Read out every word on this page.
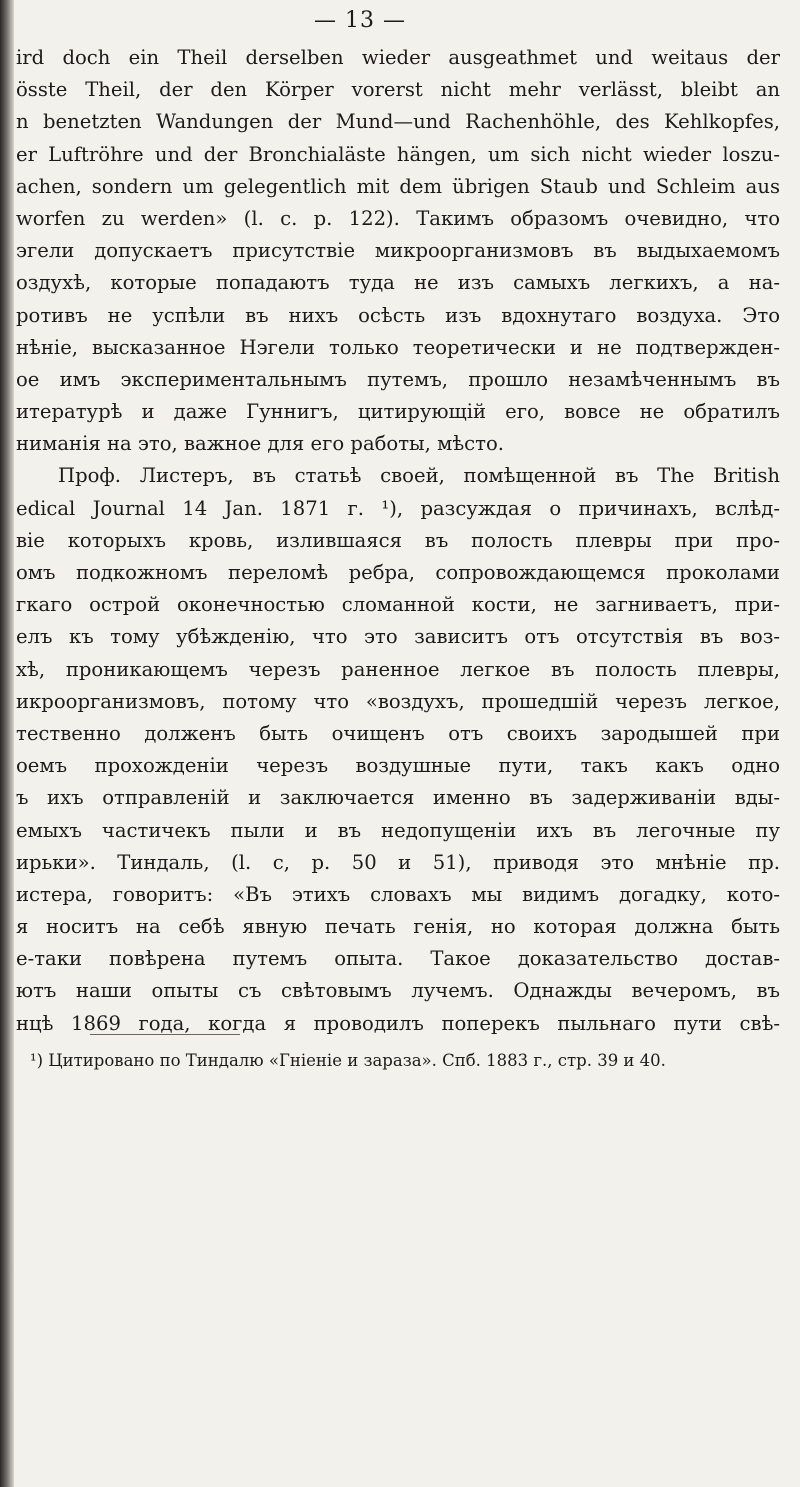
— 13 —
ird doch ein Theil derselben wieder ausgeathmet und weitaus der
össte Theil, der den Körper vorerst nicht mehr verlässt, bleibt an
n benetzten Wandungen der Mund—und Rachenhöhle, des Kehlkopfes,
er Luftröhre und der Bronchialäste hängen, um sich nicht wieder loszu-
achen, sondern um gelegentlich mit dem übrigen Staub und Schleim aus
worfen zu werden» (l. c. p. 122). Такимъ образомъ очевидно, что
эгели допускаетъ присутствіе микроорганизмовъ въ выдыхаемомъ
оздухѣ, которые попадаютъ туда не изъ самыхъ легкихъ, а на-
ротивъ не успѣли въ нихъ осѣсть изъ вдохнутаго воздуха. Это
нѣніе, высказанное Нэгели только теоретически и не подтвержден-
ое имъ экспериментальнымъ путемъ, прошло незамѣченнымъ въ
итературѣ и даже Гуннигъ, цитирующій его, вовсе не обратилъ
ниманія на это, важное для его работы, мѣсто.
Проф. Листеръ, въ статьѣ своей, помѣщенной въ The British
edical Journal 14 Jan. 1871 г. ¹), разсуждая о причинахъ, вслѣд-
віе которыхъ кровь, излившаяся въ полость плевры при про-
омъ подкожномъ переломѣ ребра, сопровождающемся проколами
гкаго острой оконечностью сломанной кости, не загниваетъ, при-
елъ къ тому убѣжденію, что это зависитъ отъ отсутствія въ воз-
хѣ, проникающемъ черезъ раненное легкое въ полость плевры,
икроорганизмовъ, потому что «воздухъ, прошедшій черезъ легкое,
тественно долженъ быть очищенъ отъ своихъ зародышей при
оемъ прохожденіи черезъ воздушные пути, такъ какъ одно
ъ ихъ отправленій и заключается именно въ задерживаніи вды-
емыхъ частичекъ пыли и въ недопущеніи ихъ въ легочные пу
ирьки». Тиндаль, (l. c, p. 50 и 51), приводя это мнѣніе пр.
истера, говоритъ: «Въ этихъ словахъ мы видимъ догадку, кото-
я носитъ на себѣ явную печать генія, но которая должна быть
е-таки повѣрена путемъ опыта. Такое доказательство достав-
ютъ наши опыты съ свѣтовымъ лучемъ. Однажды вечеромъ, въ
нцѣ 1869 года, когда я проводилъ поперекъ пыльнаго пути свѣ-
¹) Цитировано по Тиндалю «Гніеніе и зараза». Спб. 1883 г., стр. 39 и 40.
